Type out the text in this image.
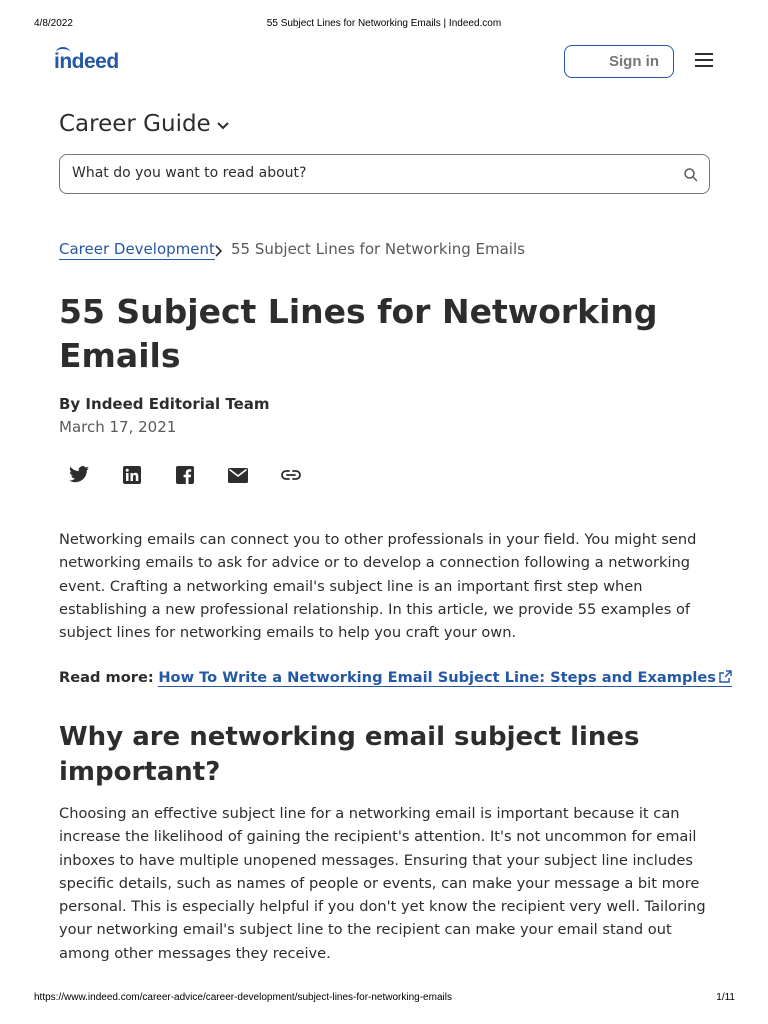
4/8/2022	55 Subject Lines for Networking Emails | Indeed.com
indeed	Sign in
Career Guide
What do you want to read about?
Career Development 55 Subject Lines for Networking Emails
55 Subject Lines for Networking Emails
By Indeed Editorial Team
March 17, 2021

Networking emails can connect you to other professionals in your field. You might send networking emails to ask for advice or to develop a connection following a networking event. Crafting a networking email's subject line is an important first step when establishing a new professional relationship. In this article, we provide 55 examples of subject lines for networking emails to help you craft your own.

Read more: How To Write a Networking Email Subject Line: Steps and Examples
Why are networking email subject lines important?

Choosing an effective subject line for a networking email is important because it can increase the likelihood of gaining the recipient's attention. It's not uncommon for email inboxes to have multiple unopened messages. Ensuring that your subject line includes specific details, such as names of people or events, can make your message a bit more personal. This is especially helpful if you don't yet know the recipient very well. Tailoring your networking email's subject line to the recipient can make your email stand out among other messages they receive.

https://www.indeed.com/career-advice/career-development/subject-lines-for-networking-emails	1/11
